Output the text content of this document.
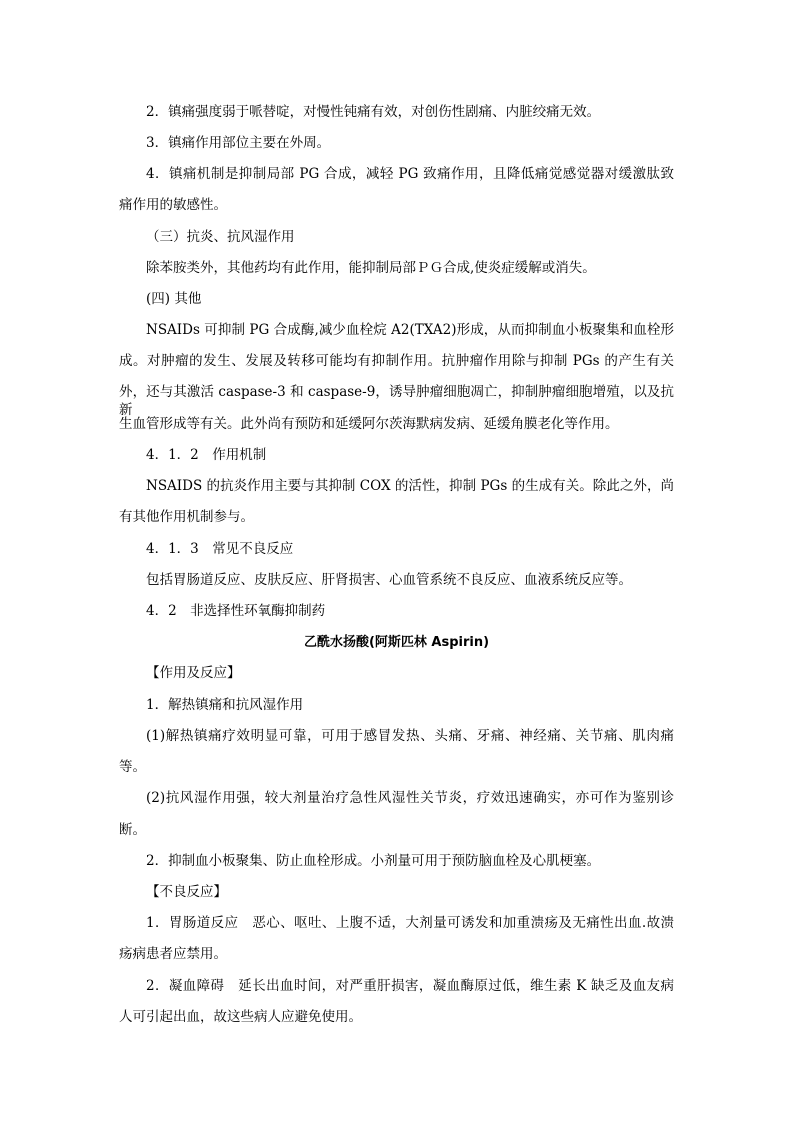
2．镇痛强度弱于哌替啶，对慢性钝痛有效，对创伤性剧痛、内脏绞痛无效。
3．镇痛作用部位主要在外周。
4．镇痛机制是抑制局部 PG 合成，减轻 PG 致痛作用，且降低痛觉感觉器对缓激肽致
痛作用的敏感性。
（三）抗炎、抗风湿作用
除苯胺类外，其他药均有此作用，能抑制局部ＰＧ合成,使炎症缓解或消失。
(四) 其他
NSAIDs 可抑制 PG 合成酶,减少血栓烷 A2(TXA2)形成，从而抑制血小板聚集和血栓形
成。对肿瘤的发生、发展及转移可能均有抑制作用。抗肿瘤作用除与抑制 PGs 的产生有关
外，还与其激活 caspase-3 和 caspase-9，诱导肿瘤细胞凋亡，抑制肿瘤细胞增殖，以及抗新
生血管形成等有关。此外尚有预防和延缓阿尔茨海默病发病、延缓角膜老化等作用。
4．1．2　作用机制
NSAIDS 的抗炎作用主要与其抑制 COX 的活性，抑制 PGs 的生成有关。除此之外，尚
有其他作用机制参与。
4．1．3　常见不良反应
包括胃肠道反应、皮肤反应、肝肾损害、心血管系统不良反应、血液系统反应等。
4．2　非选择性环氧酶抑制药
乙酰水扬酸(阿斯匹林 Aspirin)
【作用及反应】
1．解热镇痛和抗风湿作用
(1)解热镇痛疗效明显可靠，可用于感冒发热、头痛、牙痛、神经痛、关节痛、肌肉痛
等。
(2)抗风湿作用强，较大剂量治疗急性风湿性关节炎，疗效迅速确实，亦可作为鉴别诊
断。
2．抑制血小板聚集、防止血栓形成。小剂量可用于预防脑血栓及心肌梗塞。
【不良反应】
1．胃肠道反应　恶心、呕吐、上腹不适，大剂量可诱发和加重溃疡及无痛性出血.故溃
疡病患者应禁用。
2．凝血障碍　延长出血时间，对严重肝损害，凝血酶原过低，维生素 K 缺乏及血友病
人可引起出血，故这些病人应避免使用。
